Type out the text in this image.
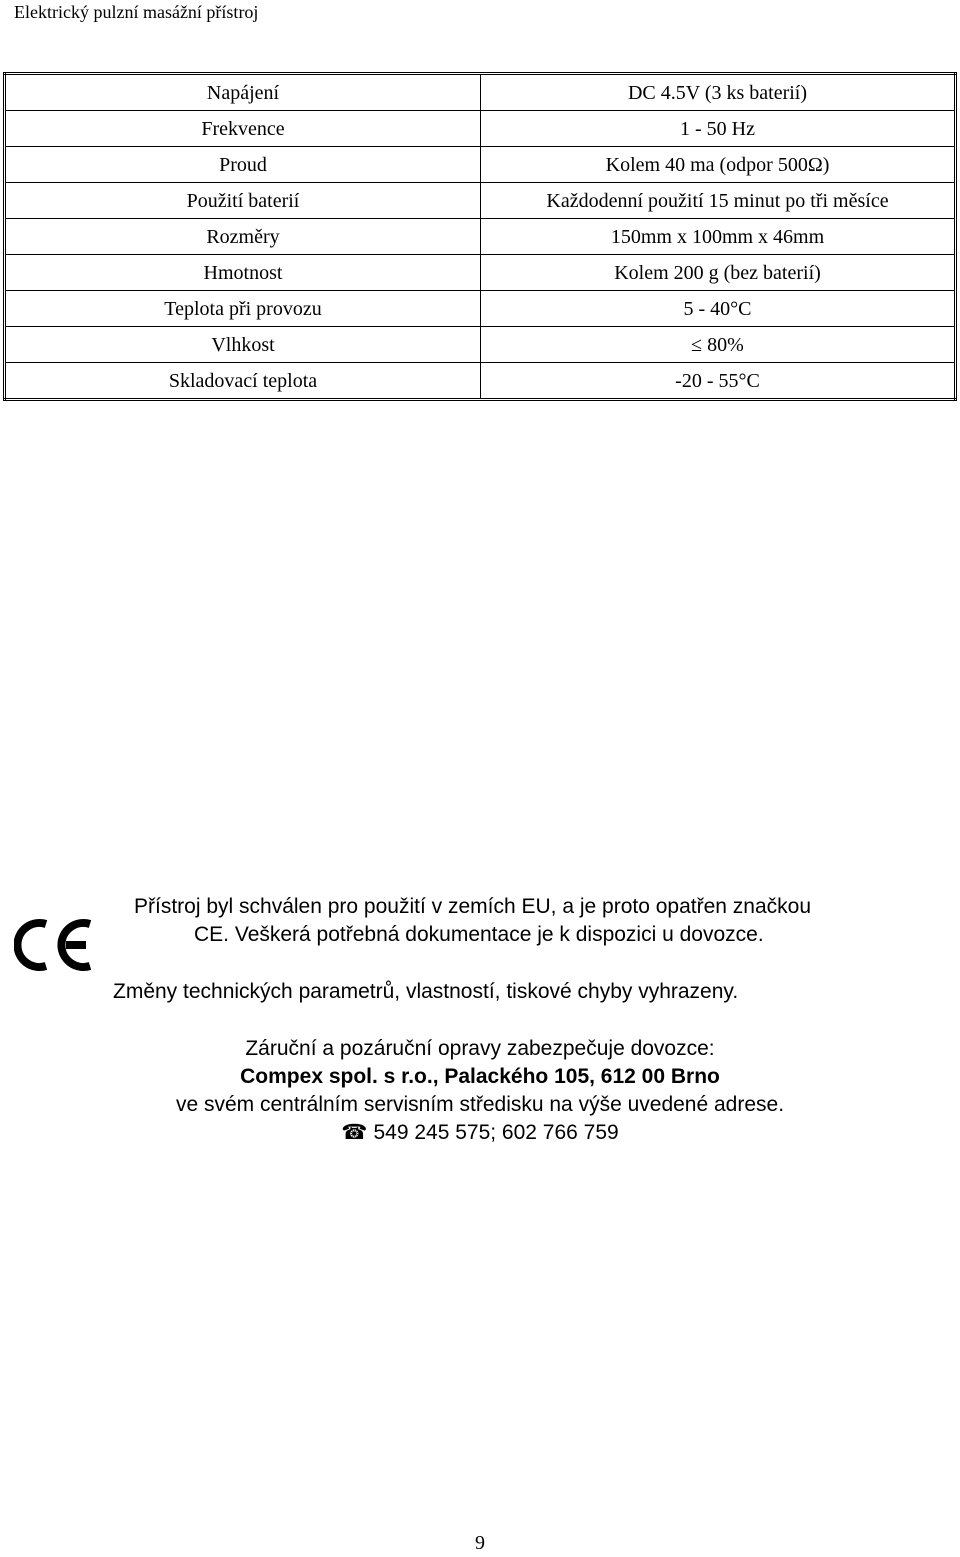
Elektrický pulzní masážní přístroj
Napájení	DC 4.5V (3 ks baterií)
Frekvence	1 - 50 Hz
Proud	Kolem 40 ma (odpor 500Ω)
Použití baterií	Každodenní použití 15 minut po tři měsíce
Rozměry	150mm x 100mm x 46mm
Hmotnost	Kolem 200 g (bez baterií)
Teplota při provozu	5 - 40°C
Vlhkost	≤ 80%
Skladovací teplota	-20 - 55°C
Přístroj byl schválen pro použití v zemích EU, a je proto opatřen značkou
CE. Veškerá potřebná dokumentace je k dispozici u dovozce.
Změny technických parametrů, vlastností, tiskové chyby vyhrazeny.
Záruční a pozáruční opravy zabezpečuje dovozce:
Compex spol. s r.o., Palackého 105, 612 00 Brno
ve svém centrálním servisním středisku na výše uvedené adrese.
☎ 549 245 575; 602 766 759
9
